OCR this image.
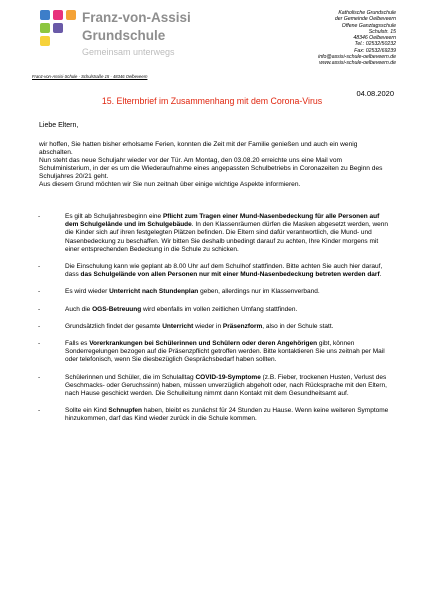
Franz-von-Assisi
Grundschule
Gemeinsam unterwegs
Katholische Grundschule
der Gemeinde Oelbeveern
Offene Ganztagsschule
Schulstr. 15
48346 Oelbeveern
Tel.: 02532/50232
Fax: 02532/69239
info@assisi-schule-oelbeveern.de
www.assisi-schule-oelbeveern.de
Franz-von-Assisi-Schule · Schulstraße 15 · 48346 Oelbeveern
04.08.2020
15. Elternbrief im Zusammenhang mit dem Corona-Virus
Liebe Eltern,

wir hoffen, Sie hatten bisher erholsame Ferien, konnten die Zeit mit der Familie genießen und auch ein wenig abschalten.

Nun steht das neue Schuljahr wieder vor der Tür. Am Montag, den 03.08.20 erreichte uns eine Mail vom Schulministerium, in der es um die Wiederaufnahme eines angepassten Schulbetriebs in Coronazeiten zu Beginn des Schuljahres 20/21 geht.

Aus diesem Grund möchten wir Sie nun zeitnah über einige wichtige Aspekte informieren.

-	Es gilt ab Schuljahresbeginn eine Pflicht zum Tragen einer Mund-Nasenbedeckung für alle Personen auf dem Schulgelände und im Schulgebäude. In den Klassenräumen dürfen die Masken abgesetzt werden, wenn die Kinder sich auf ihren festgelegten Plätzen befinden. Die Eltern sind dafür verantwortlich, die Mund- und Nasenbedeckung zu beschaffen. Wir bitten Sie deshalb unbedingt darauf zu achten, Ihre Kinder morgens mit einer entsprechenden Bedeckung in die Schule zu schicken.
-	Die Einschulung kann wie geplant ab 8.00 Uhr auf dem Schulhof stattfinden. Bitte achten Sie auch hier darauf, dass das Schulgelände von allen Personen nur mit einer Mund-Nasenbedeckung betreten werden darf.
-	Es wird wieder Unterricht nach Stundenplan geben, allerdings nur im Klassenverband.
-	Auch die OGS-Betreuung wird ebenfalls im vollen zeitlichen Umfang stattfinden.
-	Grundsätzlich findet der gesamte Unterricht wieder in Präsenzform, also in der Schule statt.
-	Falls es Vorerkrankungen bei Schülerinnen und Schülern oder deren Angehörigen gibt, können Sonderregelungen bezogen auf die Präsenzpflicht getroffen werden. Bitte kontaktieren Sie uns zeitnah per Mail oder telefonisch, wenn Sie diesbezüglich Gesprächsbedarf haben sollten.
-	Schülerinnen und Schüler, die im Schulalltag COVID-19-Symptome (z.B. Fieber, trockenen Husten, Verlust des Geschmacks- oder Geruchssinn) haben, müssen unverzüglich abgeholt oder, nach Rücksprache mit den Eltern, nach Hause geschickt werden. Die Schulleitung nimmt dann Kontakt mit dem Gesundheitsamt auf.
-	Sollte ein Kind Schnupfen haben, bleibt es zunächst für 24 Stunden zu Hause. Wenn keine weiteren Symptome hinzukommen, darf das Kind wieder zurück in die Schule kommen.
